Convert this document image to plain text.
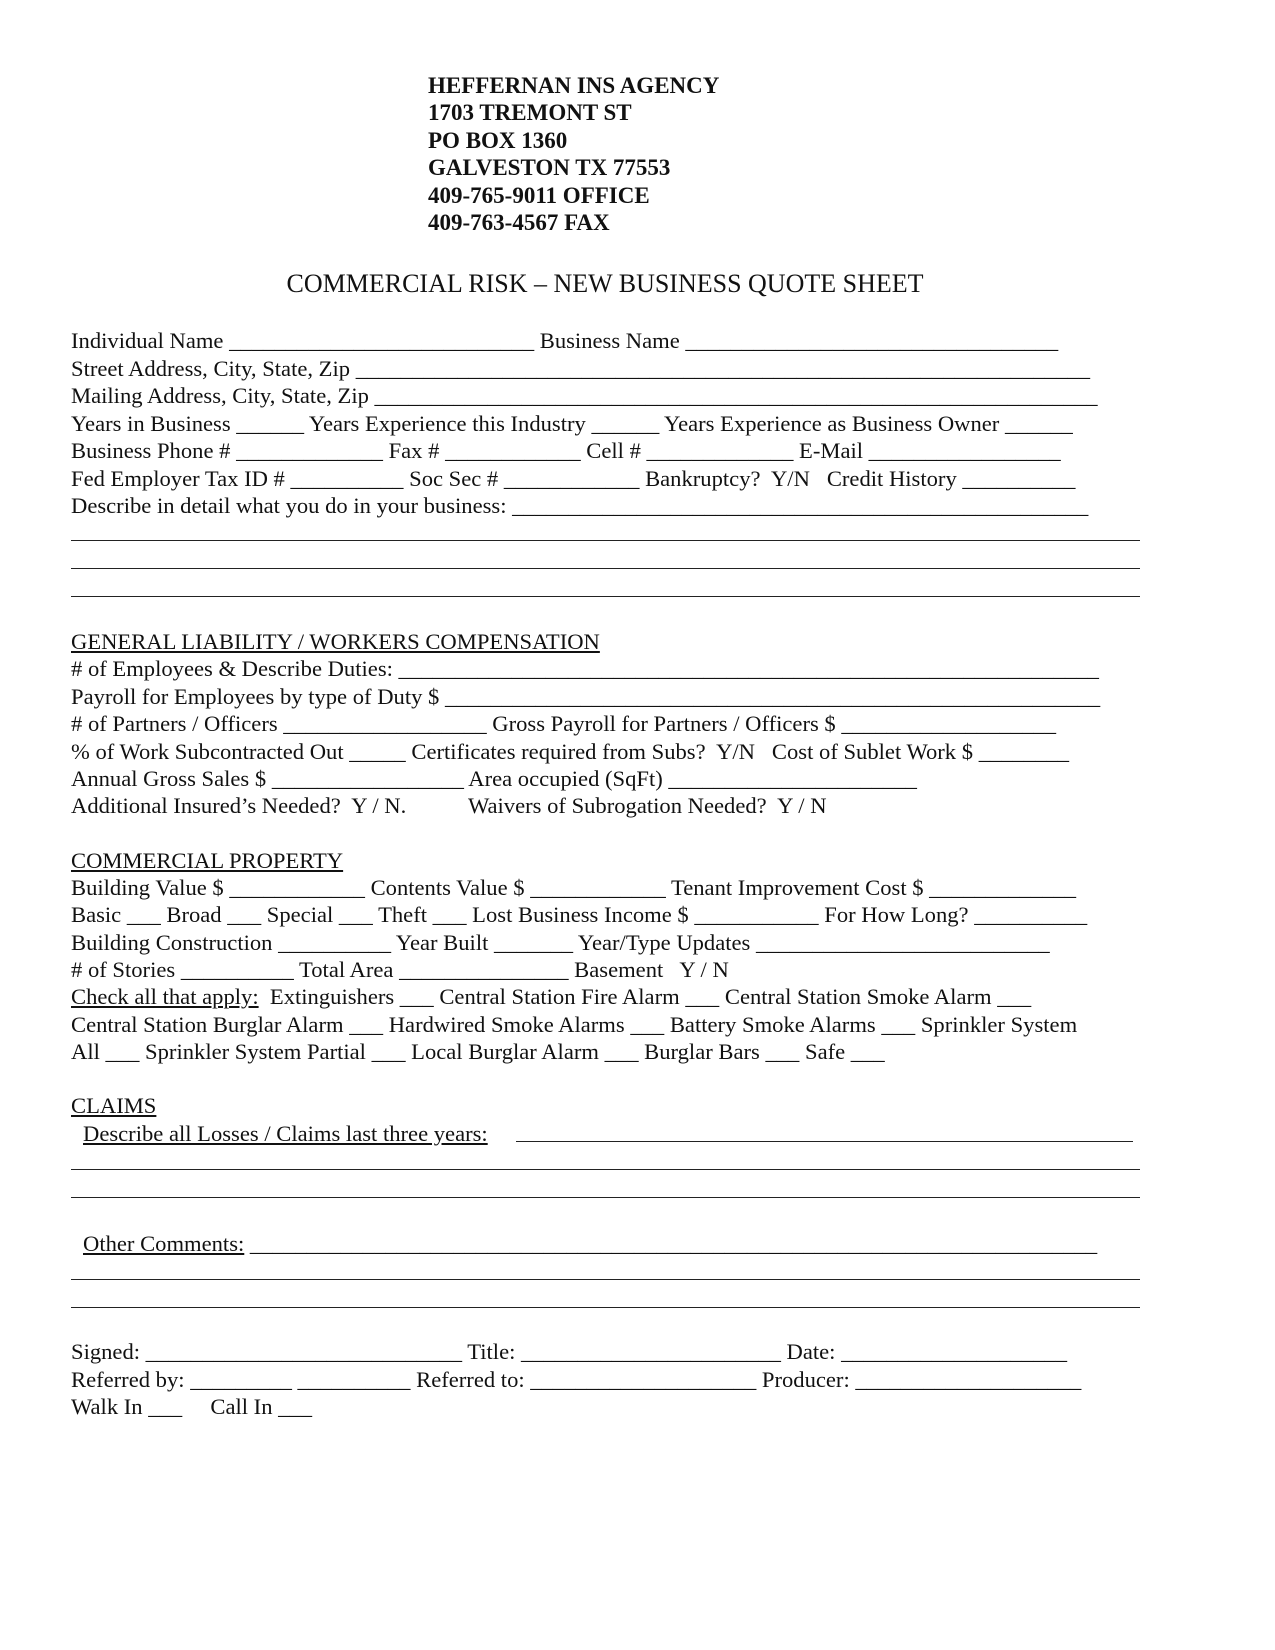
HEFFERNAN INS AGENCY
1703 TREMONT ST
PO BOX 1360
GALVESTON TX 77553
409-765-9011 OFFICE
409-763-4567 FAX
COMMERCIAL RISK – NEW BUSINESS QUOTE SHEET
Individual Name ___________________________ Business Name _________________________________
Street Address, City, State, Zip _________________________________________________________________
Mailing Address, City, State, Zip ________________________________________________________________
Years in Business ______ Years Experience this Industry ______ Years Experience as Business Owner ______
Business Phone # _____________ Fax # ____________ Cell # _____________ E-Mail _________________
Fed Employer Tax ID # __________ Soc Sec # ____________ Bankruptcy?  Y/N   Credit History __________
Describe in detail what you do in your business: ___________________________________________________
GENERAL LIABILITY / WORKERS COMPENSATION
# of Employees & Describe Duties: ______________________________________________________________
Payroll for Employees by type of Duty $ __________________________________________________________
# of Partners / Officers __________________ Gross Payroll for Partners / Officers $ ___________________
% of Work Subcontracted Out _____ Certificates required from Subs?  Y/N   Cost of Sublet Work $ ________
Annual Gross Sales $ _________________ Area occupied (SqFt) ______________________
Additional Insured’s Needed?  Y / N.           Waivers of Subrogation Needed?  Y / N
COMMERCIAL PROPERTY
Building Value $ ____________ Contents Value $ ____________ Tenant Improvement Cost $ _____________
Basic ___ Broad ___ Special ___ Theft ___ Lost Business Income $ ___________ For How Long? __________
Building Construction __________ Year Built _______ Year/Type Updates __________________________
# of Stories __________ Total Area _______________ Basement   Y / N
Check all that apply:  Extinguishers ___ Central Station Fire Alarm ___ Central Station Smoke Alarm ___
Central Station Burglar Alarm ___ Hardwired Smoke Alarms ___ Battery Smoke Alarms ___ Sprinkler System
All ___ Sprinkler System Partial ___ Local Burglar Alarm ___ Burglar Bars ___ Safe ___
CLAIMS
Describe all Losses / Claims last three years:
Other Comments: ___________________________________________________________________________
Signed: ____________________________ Title: _______________________ Date: ____________________
Referred by: _________ __________ Referred to: ____________________ Producer: ____________________
Walk In ___     Call In ___
